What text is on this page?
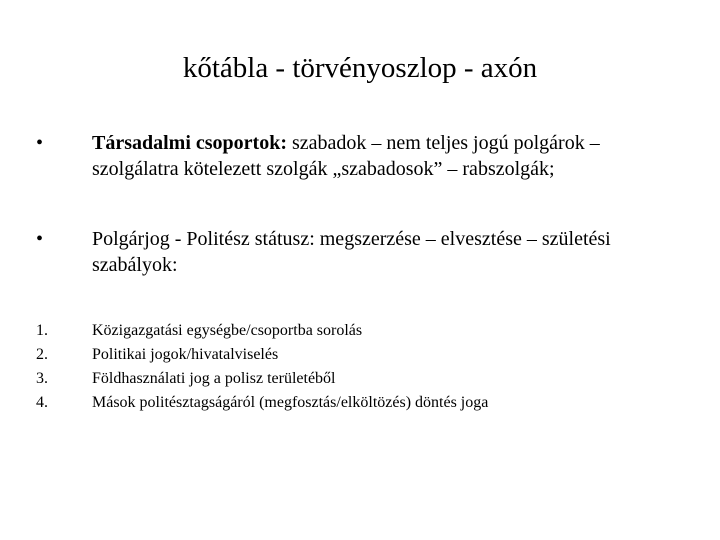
kőtábla - törvényoszlop - axón
•	Társadalmi csoportok: szabadok – nem teljes jogú polgárok – szolgálatra kötelezett szolgák „szabadosok” – rabszolgák;
•	Polgárjog - Politész státusz: megszerzése – elvesztése – születési szabályok:
1.	Közigazgatási egységbe/csoportba sorolás
2.	Politikai jogok/hivatalviselés
3.	Földhasználati jog a polisz területéből
4.	Mások politésztagságáról (megfosztás/elköltözés) döntés joga
